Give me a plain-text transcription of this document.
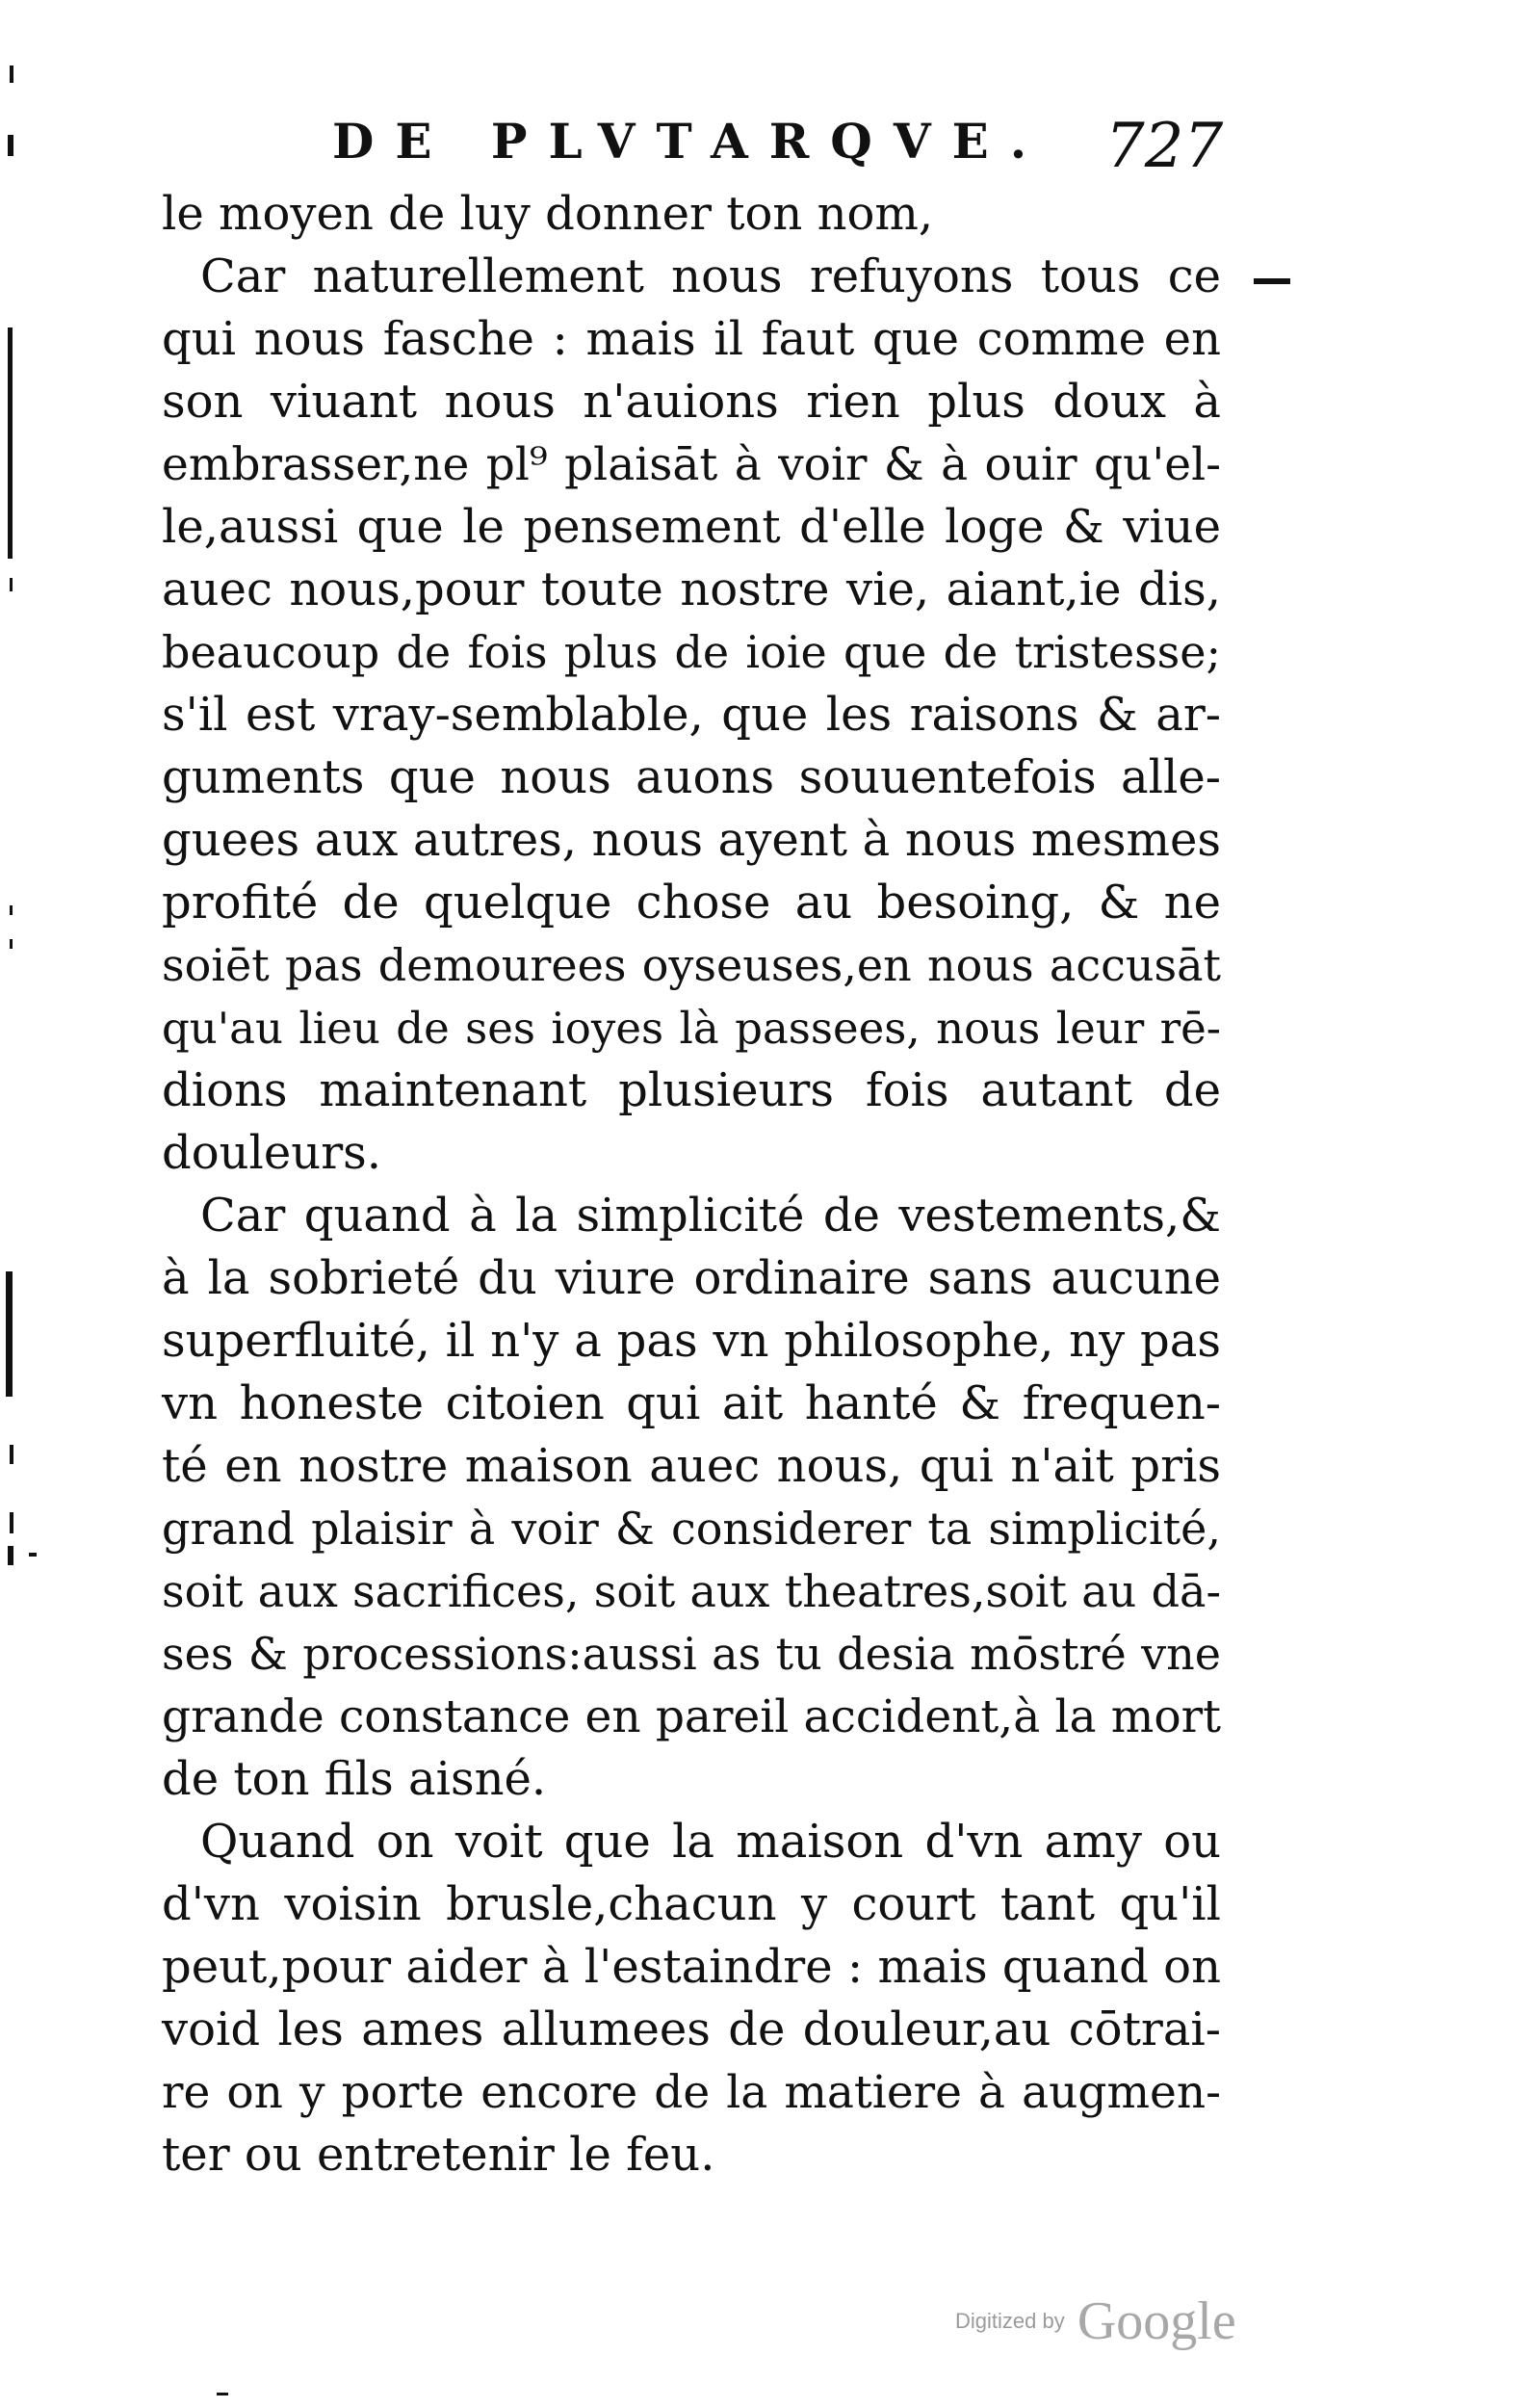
DE PLVTARQVE. 727
le moyen de luy donner ton nom,
Car naturellement nous refuyons tous ce
qui nous fasche : mais il faut que comme en
son viuant nous n'auions rien plus doux à
embrasser,ne pl⁹ plaisāt à voir & à ouir qu'el-
le,aussi que le pensement d'elle loge & viue
auec nous,pour toute nostre vie, aiant,ie dis,
beaucoup de fois plus de ioie que de tristesse;
s'il est vray-semblable, que les raisons & ar-
guments que nous auons souuentefois alle-
guees aux autres, nous ayent à nous mesmes
profité de quelque chose au besoing, & ne
soiēt pas demourees oyseuses,en nous accusāt
qu'au lieu de ses ioyes là passees, nous leur rē-
dions maintenant plusieurs fois autant de
douleurs.
Car quand à la simplicité de vestements,&
à la sobrieté du viure ordinaire sans aucune
superfluité, il n'y a pas vn philosophe, ny pas
vn honeste citoien qui ait hanté & frequen-
té en nostre maison auec nous, qui n'ait pris
grand plaisir à voir & considerer ta simplicité,
soit aux sacrifices, soit aux theatres,soit au dā-
ses & processions:aussi as tu desia mōstré vne
grande constance en pareil accident,à la mort
de ton fils aisné.
Quand on voit que la maison d'vn amy ou
d'vn voisin brusle,chacun y court tant qu'il
peut,pour aider à l'estaindre : mais quand on
void les ames allumees de douleur,au cōtrai-
re on y porte encore de la matiere à augmen-
ter ou entretenir le feu.
Digitized by Google
